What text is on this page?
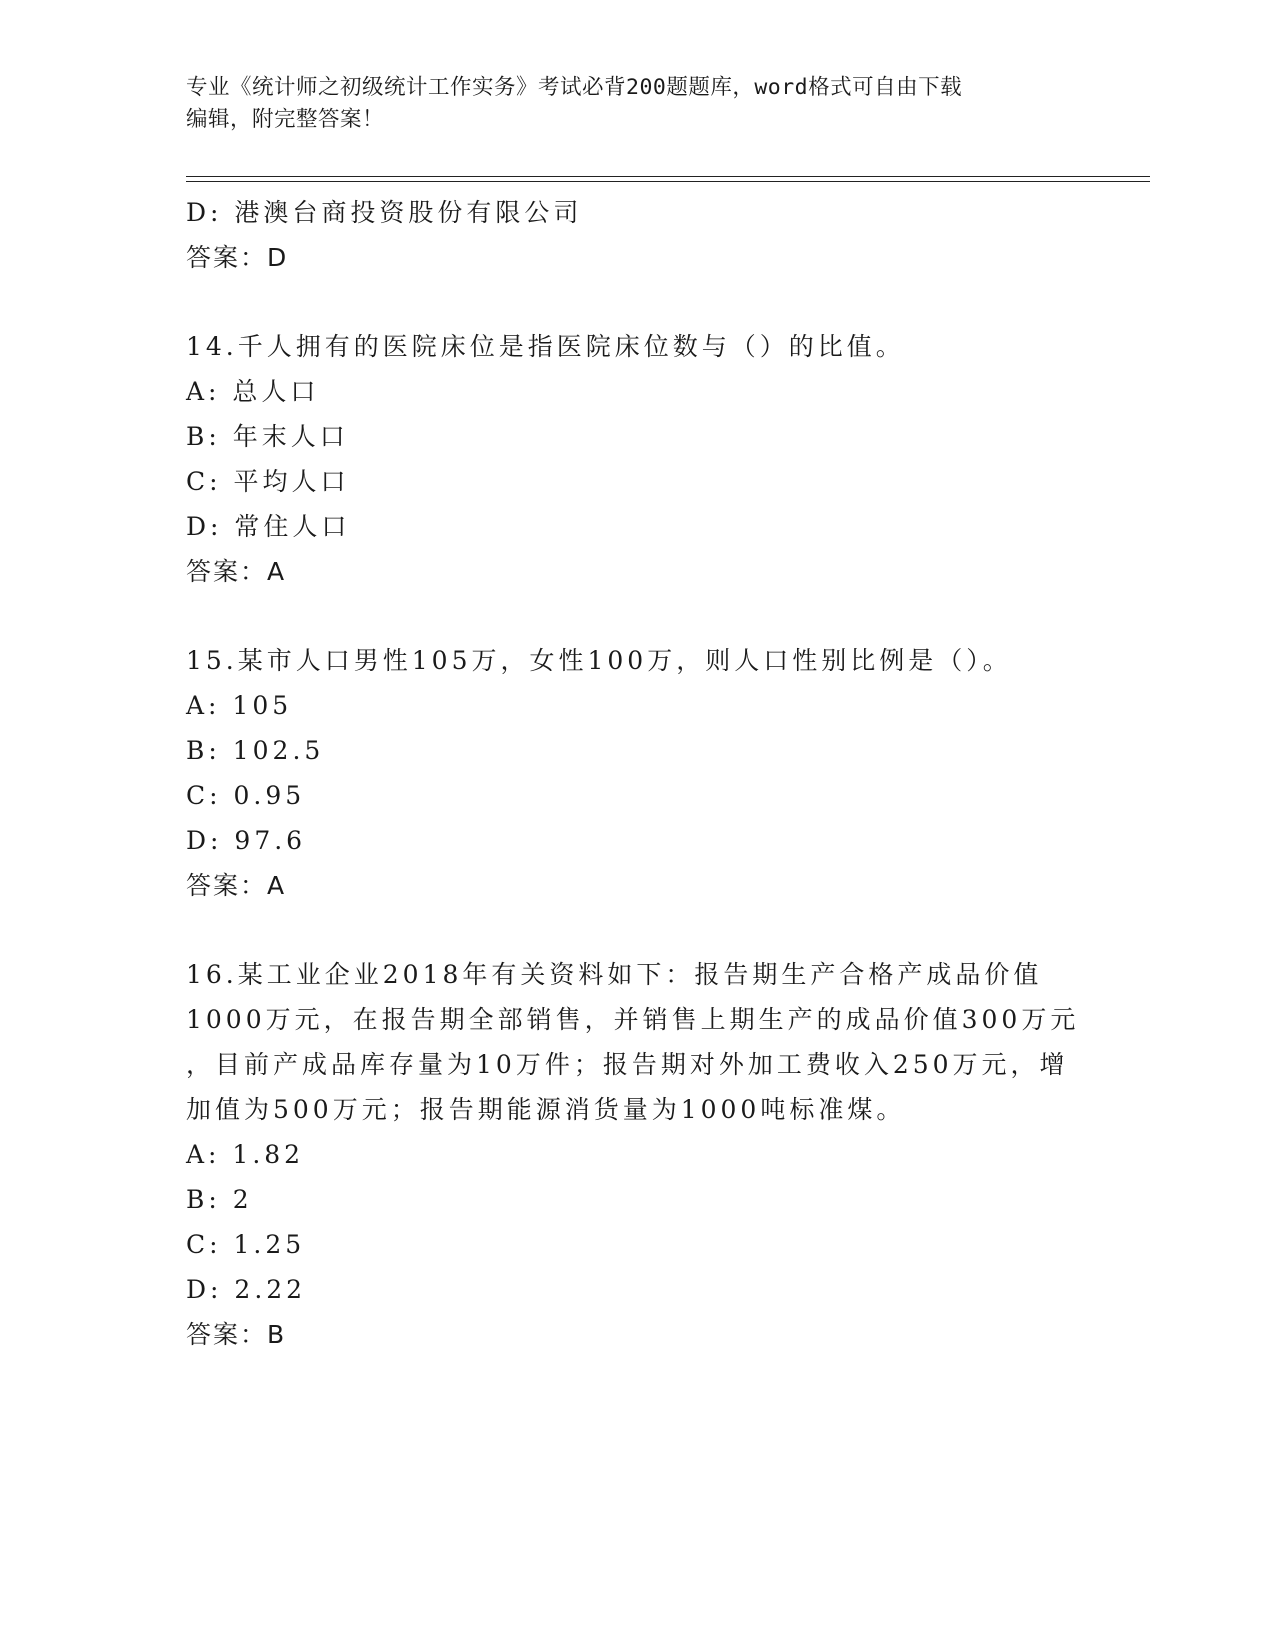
专业《统计师之初级统计工作实务》考试必背200题题库，word格式可自由下载
编辑，附完整答案！
D: 港澳台商投资股份有限公司
答案：D
14.千人拥有的医院床位是指医院床位数与（）的比值。
A: 总人口
B: 年末人口
C: 平均人口
D: 常住人口
答案：A
15.某市人口男性105万，女性100万，则人口性别比例是（）。
A: 105
B: 102.5
C: 0.95
D: 97.6
答案：A
16.某工业企业2018年有关资料如下：报告期生产合格产成品价值
1000万元，在报告期全部销售，并销售上期生产的成品价值300万元
，目前产成品库存量为10万件；报告期对外加工费收入250万元，增
加值为500万元；报告期能源消货量为1000吨标准煤。
A: 1.82
B: 2
C: 1.25
D: 2.22
答案：B
